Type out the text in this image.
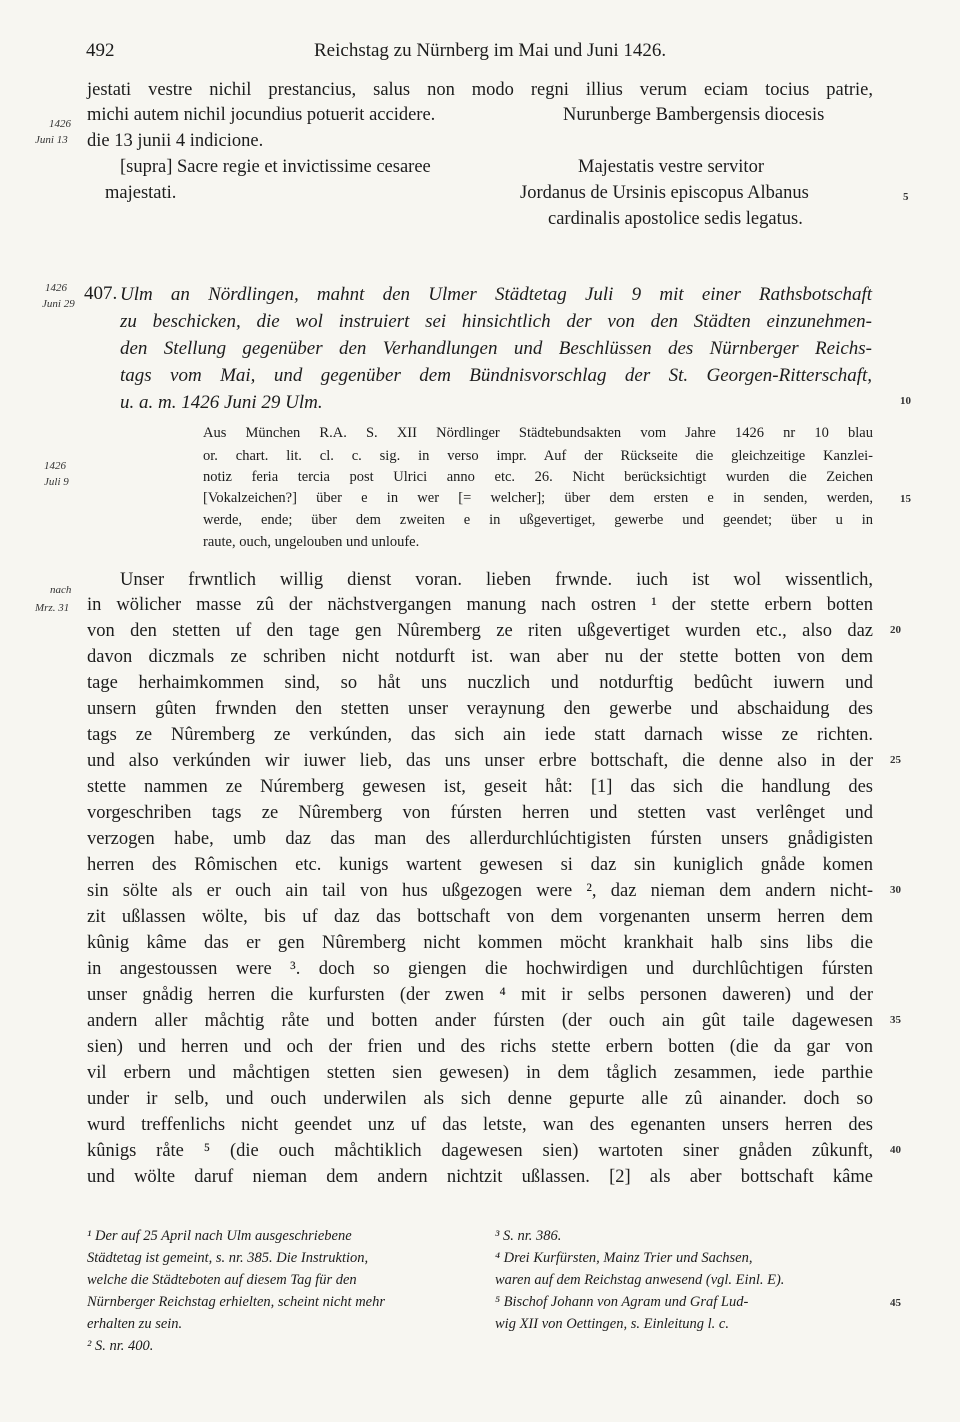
492	Reichstag zu Nürnberg im Mai und Juni 1426.
jestati vestre nichil prestancius, salus non modo regni illius verum eciam tocius patrie,
michi autem nichil jocundius potuerit accidere.	Nurunberge Bambergensis diocesis
1426
Juni 13 die 13 junii 4 indicione.
[supra] Sacre regie et invictissime cesaree
majestati.
Majestatis vestre servitor
Jordanus de Ursinis episcopus Albanus
cardinalis apostolice sedis legatus.
5
1426
Juni 29 407. Ulm an Nördlingen, mahnt den Ulmer Städtetag Juli 9 mit einer Rathsbotschaft
zu beschicken, die wol instruiert sei hinsichtlich der von den Städten einzunehmen-
den Stellung gegenüber den Verhandlungen und Beschlüssen des Nürnberger Reichs-
tags vom Mai, und gegenüber dem Bündnisvorschlag der St. Georgen-Ritterschaft,
u. a. m. 1426 Juni 29 Ulm.	10
Aus München R.A. S. XII Nördlinger Städtebundsakten vom Jahre 1426 nr 10 blau
or. chart. lit. cl. c. sig. in verso impr. Auf der Rückseite die gleichzeitige Kanzlei-
1426
Juli 9	notiz feria tercia post Ulrici anno etc. 26. Nicht berücksichtigt wurden die Zeichen
[Vokalzeichen?] über e in wer [= welcher]; über dem ersten e in senden, werden,
werde, ende; über dem zweiten e in ußgevertiget, gewerbe und geendet; über u in
raute, ouch, ungelouben und unloufe.
15
Unser frwntlich willig dienst voran. lieben frwnde. iuch ist wol wissentlich,
nach
Mrz. 31 in wölicher masse zû der nächstvergangen manung nach ostren ¹ der stette erbern botten
von den stetten uf den tage gen Nûremberg ze riten ußgevertiget wurden etc., also daz
davon diczmals ze schriben nicht notdurft ist. wan aber nu der stette botten von dem
tage herhaimkommen sind, so håt uns nuczlich und notdurftig bedûcht iuwern und
unsern gûten frwnden den stetten unser veraynung den gewerbe und abschaidung des
tags ze Nûremberg ze verkúnden, das sich ain iede statt darnach wisse ze richten.
und also verkúnden wir iuwer lieb, das uns unser erbre bottschaft, die denne also in der
stette nammen ze Núremberg gewesen ist, geseit håt: [1] das sich die handlung des
vorgeschriben tags ze Nûremberg von fúrsten herren und stetten vast verlênget und
verzogen habe, umb daz das man des allerdurchlúchtigisten fúrsten unsers gnådigisten
herren des Rômischen etc. kunigs wartent gewesen si daz sin kuniglich gnåde komen
sin sölte als er ouch ain tail von hus ußgezogen were ², daz nieman dem andern nicht-
zit ußlassen wölte, bis uf daz das bottschaft von dem vorgenanten unserm herren dem
kûnig kâme das er gen Nûremberg nicht kommen möcht krankhait halb sins libs die
in angestoussen were ³. doch so giengen die hochwirdigen und durchlûchtigen fúrsten
unser gnådig herren die kurfursten (der zwen ⁴ mit ir selbs personen daweren) und der
andern aller måchtig råte und botten ander fúrsten (der ouch ain gût taile dagewesen
sien) und herren und och der frien und des richs stette erbern botten (die da gar von
vil erbern und måchtigen stetten sien gewesen) in dem tåglich zesammen, iede parthie
under ir selb, und ouch underwilen als sich denne gepurte alle zû ainander. doch so
wurd treffenlichs nicht geendet unz uf das letste, wan des egenanten unsers herren des
kûnigs råte ⁵ (die ouch måchtiklich dagewesen sien) wartoten siner gnåden zûkunft,
und wölte daruf nieman dem andern nichtzit ußlassen. [2] als aber bottschaft kâme
20
25
30
35
40
¹ Der auf 25 April nach Ulm ausgeschriebene
Städtetag ist gemeint, s. nr. 385. Die Instruktion,
welche die Städteboten auf diesem Tag für den
Nürnberger Reichstag erhielten, scheint nicht mehr
erhalten zu sein.
² S. nr. 400.
³ S. nr. 386.
⁴ Drei Kurfürsten, Mainz Trier und Sachsen,
waren auf dem Reichstag anwesend (vgl. Einl. E).
⁵ Bischof Johann von Agram und Graf Lud-
wig XII von Oettingen, s. Einleitung l. c.
45
